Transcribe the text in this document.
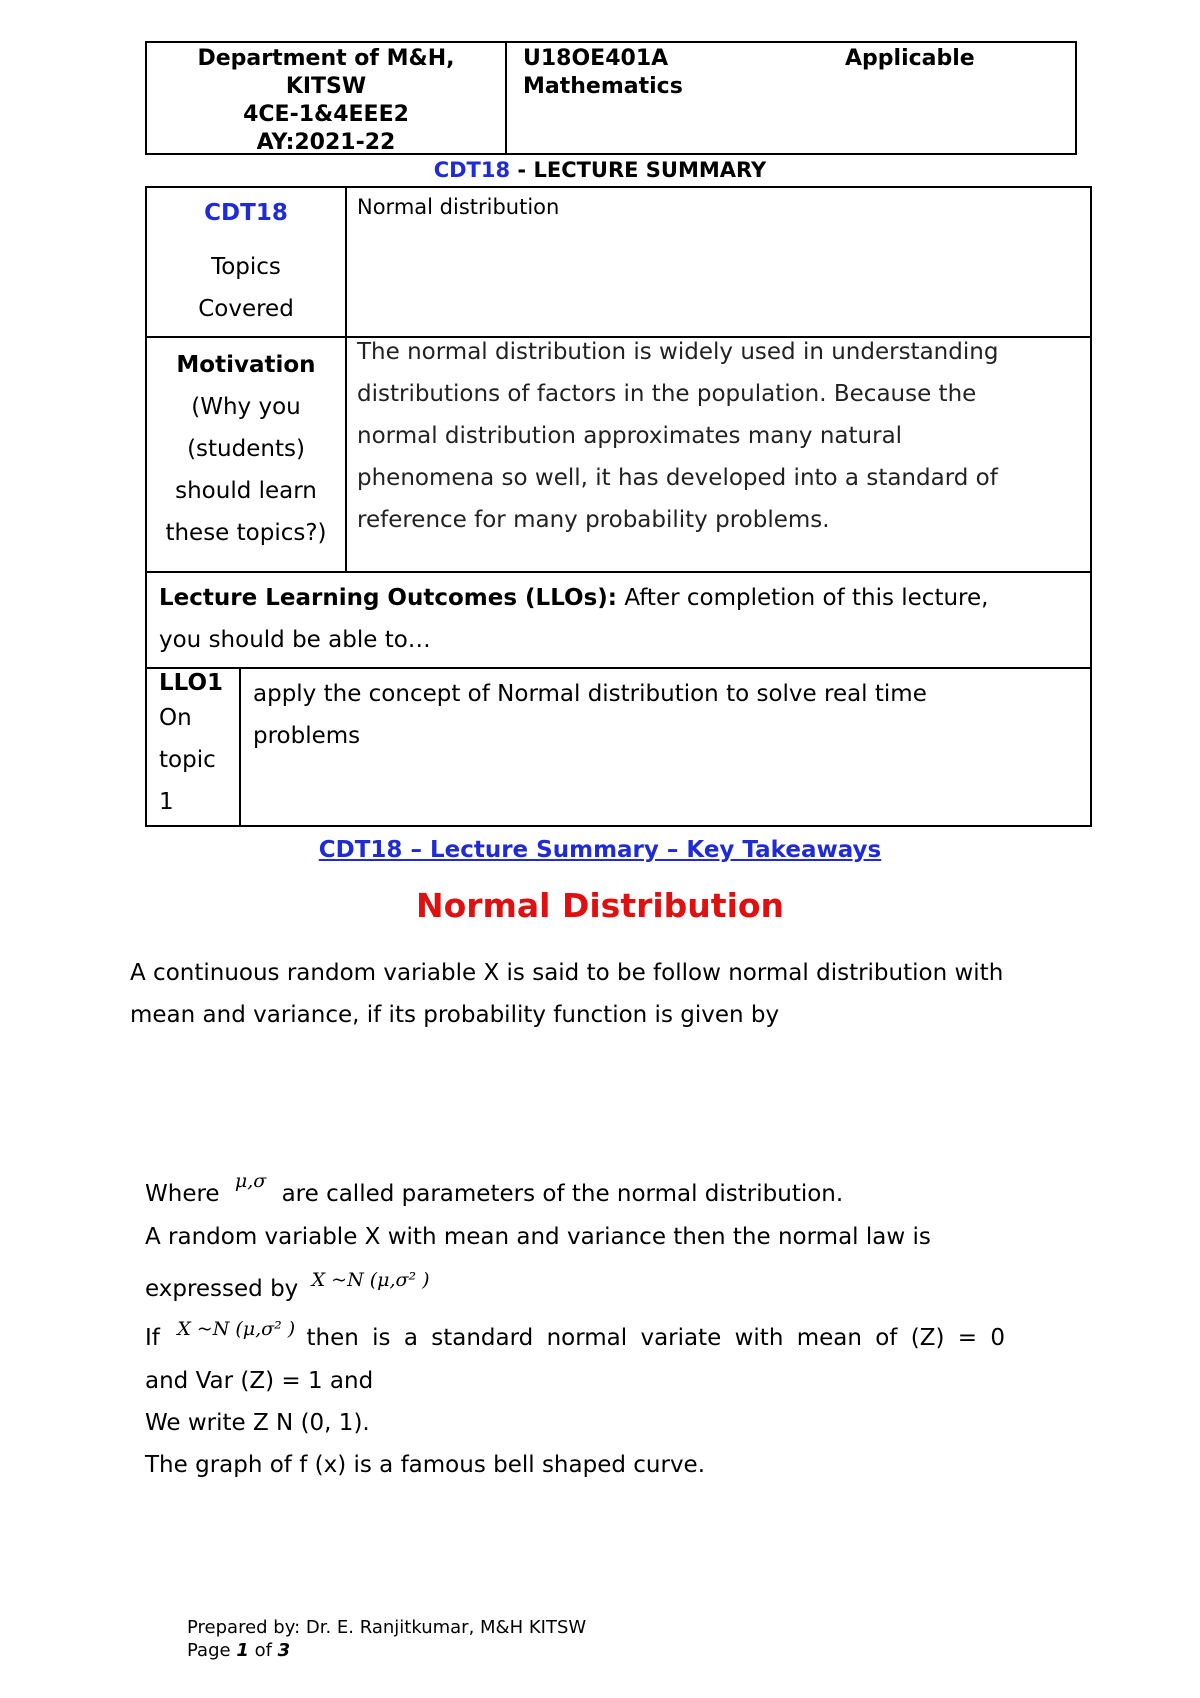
Department of M&H,
KITSW
4CE-1&4EEE2
AY:2021-22
U18OE401A	Applicable
Mathematics
CDT18 - LECTURE SUMMARY
CDT18
Topics
Covered
Normal distribution
Motivation
(Why you
(students)
should learn
these topics?)
The normal distribution is widely used in understanding
distributions of factors in the population. Because the
normal distribution approximates many natural
phenomena so well, it has developed into a standard of
reference for many probability problems.
Lecture Learning Outcomes (LLOs): After completion of this lecture,
you should be able to…
LLO1
On
topic
1
apply the concept of Normal distribution to solve real time
problems
CDT18 – Lecture Summary – Key Takeaways
Normal Distribution
A continuous random variable X is said to be follow normal distribution with
mean and variance, if its probability function is given by
Where $^{\mu,\sigma}$ are called parameters of the normal distribution.
A random variable X with mean and variance then the normal law is
expressed by $^{X \sim N (\mu,\sigma^2 )}$
If $^{X \sim N (\mu,\sigma^2 )}$ then is a standard normal variate with mean of (Z) = 0
and Var (Z) = 1 and
We write Z N (0, 1).
The graph of f (x) is a famous bell shaped curve.
Prepared by: Dr. E. Ranjitkumar, M&H KITSW
Page 1 of 3
